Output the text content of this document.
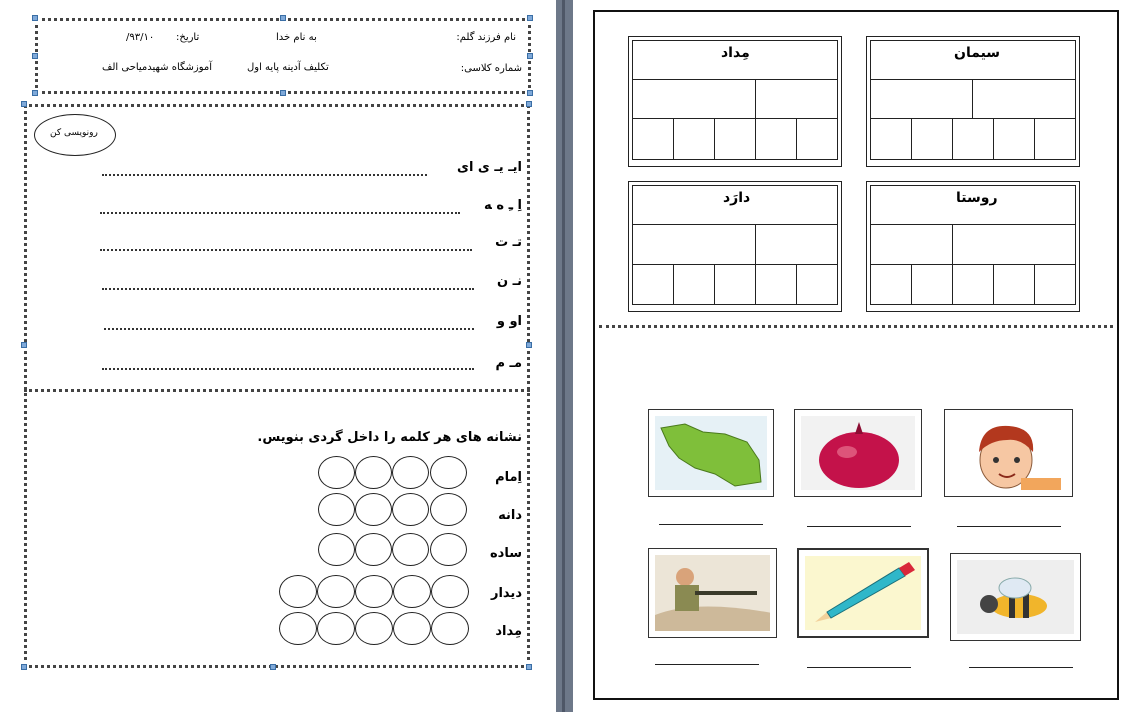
نام فرزند گلم:
به نام خدا
تاریخ:
۹۳/۱۰/
شماره کلاسی:
تکلیف آدینه پایه اول
آموزشگاه شهیدمیاحی الف
رونویسی کن
ایـ یـ ی ای
اِ ـِ ه ﻪ
تـ ت
نـ ن
او و
مـ م
نشانه های هر کلمه را داخل گردی بنویس.
اِمام
دانه
ساده
دیدار
مِداد
سیمان
مِداد
روستا
دارَد
